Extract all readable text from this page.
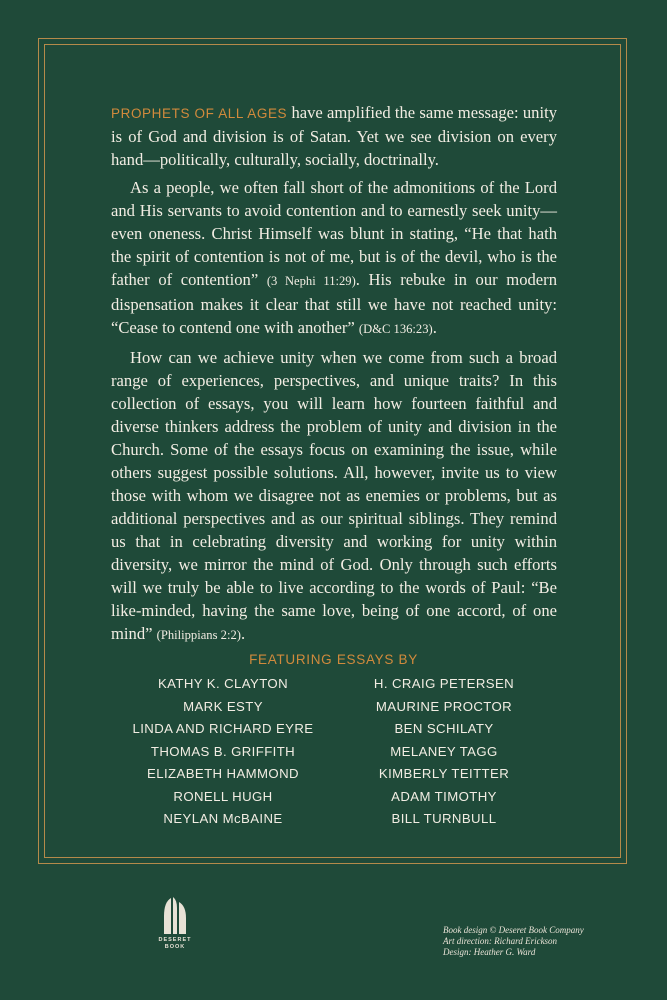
PROPHETS OF ALL AGES have amplified the same message: unity is of God and division is of Satan. Yet we see division on every hand—politically, culturally, socially, doctrinally.

As a people, we often fall short of the admonitions of the Lord and His servants to avoid contention and to earnestly seek unity—even oneness. Christ Himself was blunt in stating, “He that hath the spirit of contention is not of me, but is of the devil, who is the father of contention” (3 Nephi 11:29). His rebuke in our modern dispensation makes it clear that still we have not reached unity: “Cease to contend one with another” (D&C 136:23).

How can we achieve unity when we come from such a broad range of experiences, perspectives, and unique traits? In this collection of essays, you will learn how fourteen faithful and diverse thinkers address the problem of unity and division in the Church. Some of the essays focus on examining the issue, while others suggest possible solutions. All, however, invite us to view those with whom we disagree not as enemies or problems, but as additional perspectives and as our spiritual siblings. They remind us that in celebrating diversity and working for unity within diversity, we mirror the mind of God. Only through such efforts will we truly be able to live according to the words of Paul: “Be like-minded, having the same love, being of one accord, of one mind” (Philippians 2:2).

FEATURING ESSAYS BY
KATHY K. CLAYTON
MARK ESTY
LINDA AND RICHARD EYRE
THOMAS B. GRIFFITH
ELIZABETH HAMMOND
RONELL HUGH
NEYLAN McBAINE
H. CRAIG PETERSEN
MAURINE PROCTOR
BEN SCHILATY
MELANEY TAGG
KIMBERLY TEITTER
ADAM TIMOTHY
BILL TURNBULL
DESERET
BOOK
Book design © Deseret Book Company
Art direction: Richard Erickson
Design: Heather G. Ward
